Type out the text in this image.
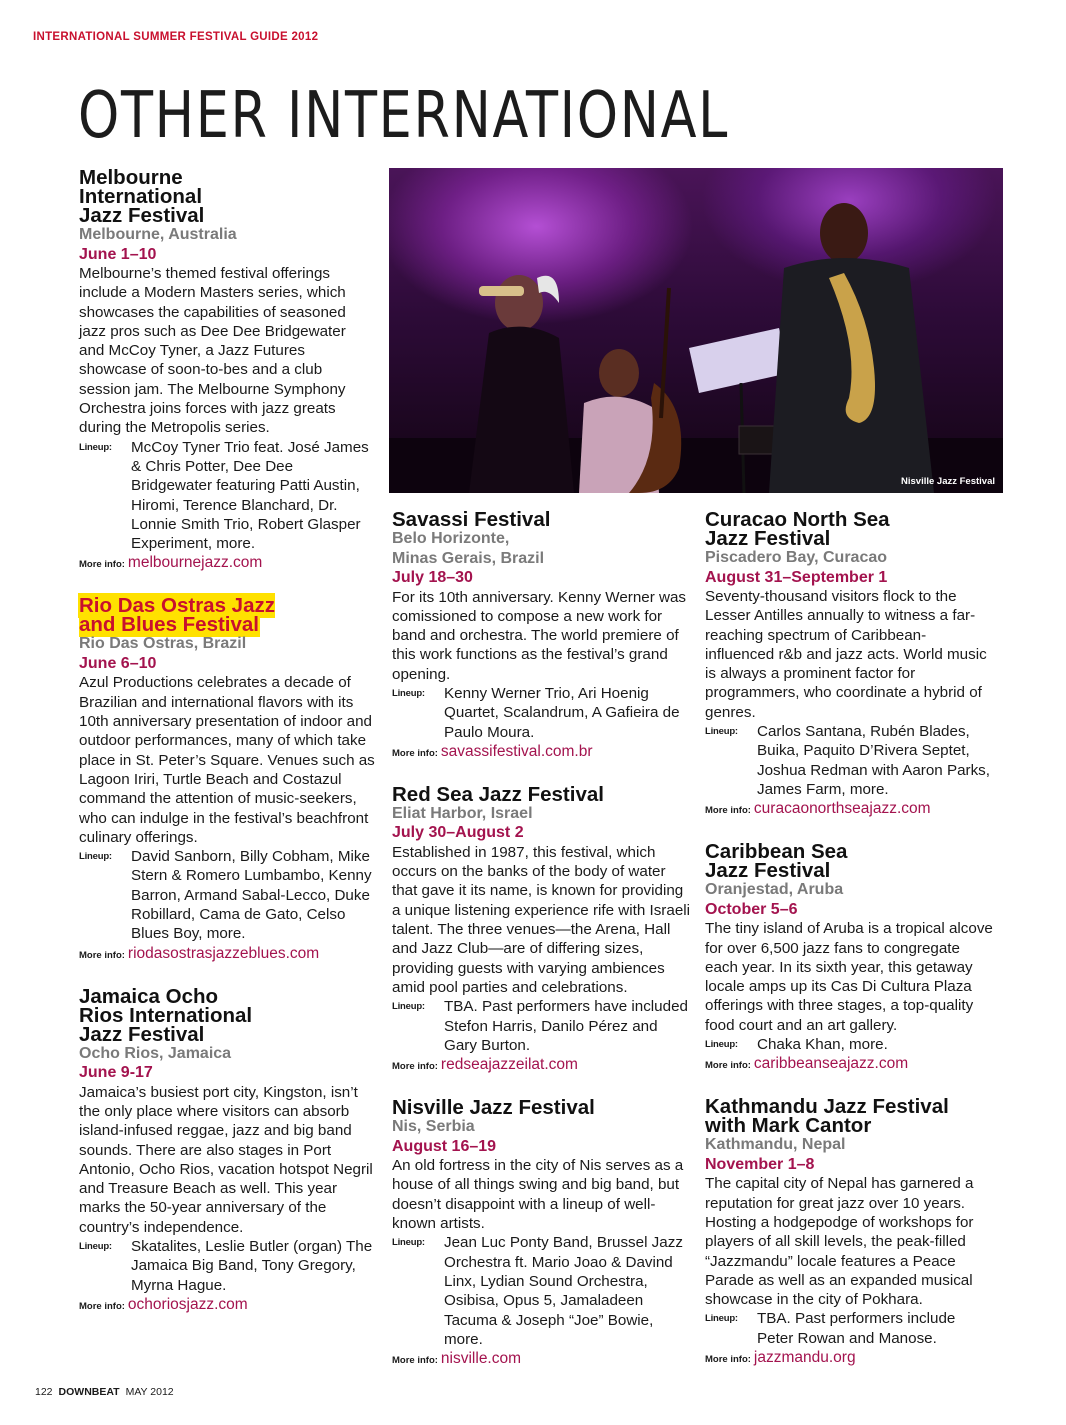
INTERNATIONAL SUMMER FESTIVAL GUIDE 2012
OTHER INTERNATIONAL
Melbourne
International
Jazz Festival
Melbourne, Australia
June 1–10

Melbourne’s themed festival offerings include a Modern Masters series, which showcases the capabilities of seasoned jazz pros such as Dee Dee Bridgewater and McCoy Tyner, a Jazz Futures showcase of soon-to-bes and a club session jam. The Melbourne Symphony Orchestra joins forces with jazz greats during the Metropolis series.

Lineup:	McCoy Tyner Trio feat. José James & Chris Potter, Dee Dee Bridgewater featuring Patti Austin, Hiromi, Terence Blanchard, Dr. Lonnie Smith Trio, Robert Glasper Experiment, more.
More info: melbournejazz.com
Rio Das Ostras Jazz
and Blues Festival
Rio Das Ostras, Brazil
June 6–10

Azul Productions celebrates a decade of Brazilian and international flavors with its 10th anniversary presentation of indoor and outdoor performances, many of which take place in St. Peter’s Square. Venues such as Lagoon Iriri, Turtle Beach and Costazul command the attention of music-seekers, who can indulge in the festival’s beachfront culinary offerings.

Lineup:	David Sanborn, Billy Cobham, Mike Stern & Romero Lumbambo, Kenny Barron, Armand Sabal-Lecco, Duke Robillard, Cama de Gato, Celso Blues Boy, more.
More info: riodasostrasjazzeblues.com
Jamaica Ocho
Rios International
Jazz Festival
Ocho Rios, Jamaica
June 9-17

Jamaica’s busiest port city, Kingston, isn’t the only place where visitors can absorb island-infused reggae, jazz and big band sounds. There are also stages in Port Antonio, Ocho Rios, vacation hotspot Negril and Treasure Beach as well. This year marks the 50-year anniversary of the country’s independence.

Lineup:	Skatalites, Leslie Butler (organ) The Jamaica Big Band, Tony Gregory, Myrna Hague.
More info: ochoriosjazz.com
D.M. CARI	Nisville Jazz Festival
Savassi Festival
Belo Horizonte,
Minas Gerais, Brazil
July 18–30

For its 10th anniversary. Kenny Werner was comissioned to compose a new work for band and orchestra. The world premiere of this work functions as the festival’s grand opening.

Lineup:	Kenny Werner Trio, Ari Hoenig Quartet, Scalandrum, A Gafieira de Paulo Moura.
More info: savassifestival.com.br
Red Sea Jazz Festival
Eliat Harbor, Israel
July 30–August 2

Established in 1987, this festival, which occurs on the banks of the body of water that gave it its name, is known for providing a unique listening experience rife with Israeli talent. The three venues—the Arena, Hall and Jazz Club—are of differing sizes, providing guests with varying ambiences amid pool parties and celebrations.

Lineup:	TBA. Past performers have included Stefon Harris, Danilo Pérez and Gary Burton.
More info: redseajazzeilat.com
Nisville Jazz Festival
Nis, Serbia
August 16–19

An old fortress in the city of Nis serves as a house of all things swing and big band, but doesn’t disappoint with a lineup of well-known artists.

Lineup:	Jean Luc Ponty Band, Brussel Jazz Orchestra ft. Mario Joao & Davind Linx, Lydian Sound Orchestra, Osibisa, Opus 5, Jamaladeen Tacuma & Joseph “Joe” Bowie, more.
More info: nisville.com
Curacao North Sea
Jazz Festival
Piscadero Bay, Curacao
August 31–September 1

Seventy-thousand visitors flock to the Lesser Antilles annually to witness a far-reaching spectrum of Caribbean-influenced r&b and jazz acts. World music is always a prominent factor for programmers, who coordinate a hybrid of genres.

Lineup:	Carlos Santana, Rubén Blades, Buika, Paquito D’Rivera Septet, Joshua Redman with Aaron Parks, James Farm, more.
More info: curacaonorthseajazz.com
Caribbean Sea
Jazz Festival
Oranjestad, Aruba
October 5–6

The tiny island of Aruba is a tropical alcove for over 6,500 jazz fans to congregate each year. In its sixth year, this getaway locale amps up its Cas Di Cultura Plaza offerings with three stages, a top-quality food court and an art gallery.

Lineup:	Chaka Khan, more.
More info: caribbeanseajazz.com
Kathmandu Jazz Festival
with Mark Cantor
Kathmandu, Nepal
November 1–8

The capital city of Nepal has garnered a reputation for great jazz over 10 years. Hosting a hodgepodge of workshops for players of all skill levels, the peak-filled “Jazzmandu” locale features a Peace Parade as well as an expanded musical showcase in the city of Pokhara.

Lineup:	TBA. Past performers include Peter Rowan and Manose.
More info: jazzmandu.org
122 DOWNBEAT MAY 2012
